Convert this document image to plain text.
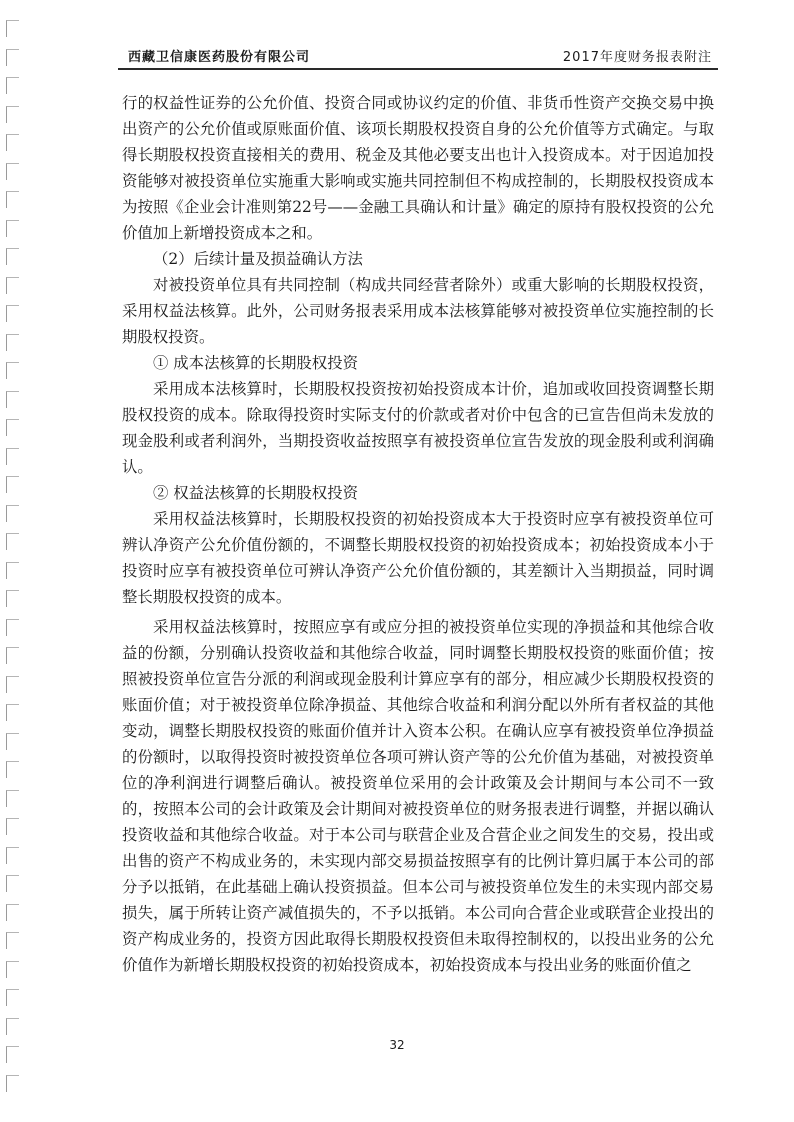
西藏卫信康医药股份有限公司	2017年度财务报表附注

行的权益性证券的公允价值、投资合同或协议约定的价值、非货币性资产交换交易中换出资产的公允价值或原账面价值、该项长期股权投资自身的公允价值等方式确定。与取得长期股权投资直接相关的费用、税金及其他必要支出也计入投资成本。对于因追加投资能够对被投资单位实施重大影响或实施共同控制但不构成控制的，长期股权投资成本为按照《企业会计准则第22号——金融工具确认和计量》确定的原持有股权投资的公允价值加上新增投资成本之和。

（2）后续计量及损益确认方法

对被投资单位具有共同控制（构成共同经营者除外）或重大影响的长期股权投资，采用权益法核算。此外，公司财务报表采用成本法核算能够对被投资单位实施控制的长期股权投资。

① 成本法核算的长期股权投资

采用成本法核算时，长期股权投资按初始投资成本计价，追加或收回投资调整长期股权投资的成本。除取得投资时实际支付的价款或者对价中包含的已宣告但尚未发放的现金股利或者利润外，当期投资收益按照享有被投资单位宣告发放的现金股利或利润确认。

② 权益法核算的长期股权投资

采用权益法核算时，长期股权投资的初始投资成本大于投资时应享有被投资单位可辨认净资产公允价值份额的，不调整长期股权投资的初始投资成本；初始投资成本小于投资时应享有被投资单位可辨认净资产公允价值份额的，其差额计入当期损益，同时调整长期股权投资的成本。

采用权益法核算时，按照应享有或应分担的被投资单位实现的净损益和其他综合收益的份额，分别确认投资收益和其他综合收益，同时调整长期股权投资的账面价值；按照被投资单位宣告分派的利润或现金股利计算应享有的部分，相应减少长期股权投资的账面价值；对于被投资单位除净损益、其他综合收益和利润分配以外所有者权益的其他变动，调整长期股权投资的账面价值并计入资本公积。在确认应享有被投资单位净损益的份额时，以取得投资时被投资单位各项可辨认资产等的公允价值为基础，对被投资单位的净利润进行调整后确认。被投资单位采用的会计政策及会计期间与本公司不一致的，按照本公司的会计政策及会计期间对被投资单位的财务报表进行调整，并据以确认投资收益和其他综合收益。对于本公司与联营企业及合营企业之间发生的交易，投出或出售的资产不构成业务的，未实现内部交易损益按照享有的比例计算归属于本公司的部分予以抵销，在此基础上确认投资损益。但本公司与被投资单位发生的未实现内部交易损失，属于所转让资产减值损失的，不予以抵销。本公司向合营企业或联营企业投出的资产构成业务的，投资方因此取得长期股权投资但未取得控制权的，以投出业务的公允价值作为新增长期股权投资的初始投资成本，初始投资成本与投出业务的账面价值之

32
